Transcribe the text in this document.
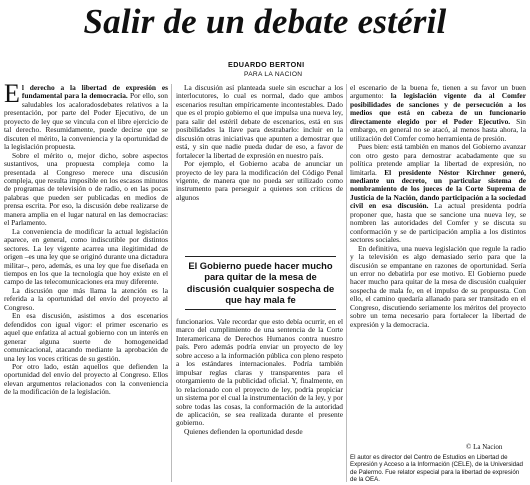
Salir de un debate estéril
EDUARDO BERTONI
PARA LA NACION

El derecho a la libertad de expresión es fundamental para la democracia. Por ello, son saludables los acaloradosdebates relativos a la presentación, por parte del Poder Ejecutivo, de un proyecto de ley que se vincula con el libre ejercicio de tal derecho. Resumidamente, puede decirse que se discuten el mérito, la conveniencia y la oportunidad de la legislación propuesta.

Sobre el mérito o, mejor dicho, sobre aspectos sustantivos, una propuesta compleja como la presentada al Congreso merece una discusión compleja, que resulta imposible en los escasos minutos de programas de televisión o de radio, o en las pocas palabras que pueden ser publicadas en medios de prensa escrita. Por eso, la discusión debe realizarse de manera amplia en el lugar natural en las democracias: el Parlamento.

La conveniencia de modificar la actual legislación aparece, en general, como indiscutible por distintos sectores. La ley vigente acarrea una ilegitimidad de origen –es una ley que se originó durante una dictadura militar–, pero, además, es una ley que fue diseñada en tiempos en los que la tecnología que hoy existe en el campo de las telecomunicaciones era muy diferente.

La discusión que más llama la atención es la referida a la oportunidad del envío del proyecto al Congreso.

En esa discusión, asistimos a dos escenarios defendidos con igual vigor: el primer escenario es aquel que enfatiza al actual gobierno con un interés en generar alguna suerte de homogeneidad comunicacional, atacando mediante la aprobación de una ley los voces críticas de su gestión.

Por otro lado, están aquellos que defienden la oportunidad del envío del proyecto al Congreso. Ellos elevan argumentos relacionados con la conveniencia de la modificación de la legislación.

La discusión así planteada suele sin escuchar a los interlocutores, lo cual es normal, dado que ambos escenarios resultan empíricamente incontestables. Dado que es el propio gobierno el que impulsa una nueva ley, para salir del estéril debate de escenarios, está en sus posibilidades la llave para destrabarlo: incluir en la discusión otras iniciativas que apunten a demostrar que está, y sin que nadie pueda dudar de eso, a favor de fortalecer la libertad de expresión en nuestro país.

Por ejemplo, el Gobierno acaba de anunciar un proyecto de ley para la modificación del Código Penal vigente, de manera que no pueda ser utilizado como instrumento para perseguir a quienes son críticos de algunos

El Gobierno puede hacer mucho para quitar de la mesa de discusión cualquier sospecha de que hay mala fe

funcionarios. Vale recordar que esto debía ocurrir, en el marco del cumplimiento de una sentencia de la Corte Interamericana de Derechos Humanos contra nuestro país. Pero además podría enviar un proyecto de ley sobre acceso a la información pública con pleno respeto a los estándares internacionales. Podría también impulsar reglas claras y transparentes para el otorgamiento de la publicidad oficial. Y, finalmente, en lo relacionado con el proyecto de ley, podría propiciar un sistema por el cual la instrumentación de la ley, y por sobre todas las cosas, la conformación de la autoridad de aplicación, se sea realizada durante el presente gobierno.

Quienes defienden la oportunidad desde

el escenario de la buena fe, tienen a su favor un buen argumento: la legislación vigente da al Comfer posibilidades de sanciones y de persecución a los medios que está en cabeza de un funcionario directamente elegido por el Poder Ejecutivo. Sin embargo, en general no se atacó, al menos hasta ahora, la utilización del Comfer como herramienta de presión.

Pues bien: está también en manos del Gobierno avanzar con otro gesto para demostrar acabadamente que su política pretende ampliar la libertad de expresión, no limitarla. El presidente Néstor Kirchner generó, mediante un decreto, un particular sistema de nombramiento de los jueces de la Corte Suprema de Justicia de la Nación, dando participación a la sociedad civil en esa discusión. La actual presidenta podría proponer que, hasta que se sancione una nueva ley, se nombren las autoridades del Comfer y se discuta su conformación y se de participación amplia a los distintos sectores sociales.

En definitiva, una nueva legislación que regule la radio y la televisión es algo demasiado serio para que la discusión se empantane en razones de oportunidad. Sería un error no debatirla por ese motivo. El Gobierno puede hacer mucho para quitar de la mesa de discusión cualquier sospecha de mala fe, en el impulso de su propuesta. Con ello, el camino quedaría allanado para ser transitado en el Congreso, discutiendo seriamente los méritos del proyecto sobre un tema necesario para fortalecer la libertad de expresión y la democracia.

© La Nacion
El autor es director del Centro de Estudios en Libertad de Expresión y Acceso a la Información (CELE), de la Universidad de Palermo. Fue relator especial para la libertad de expresión de la OEA.
